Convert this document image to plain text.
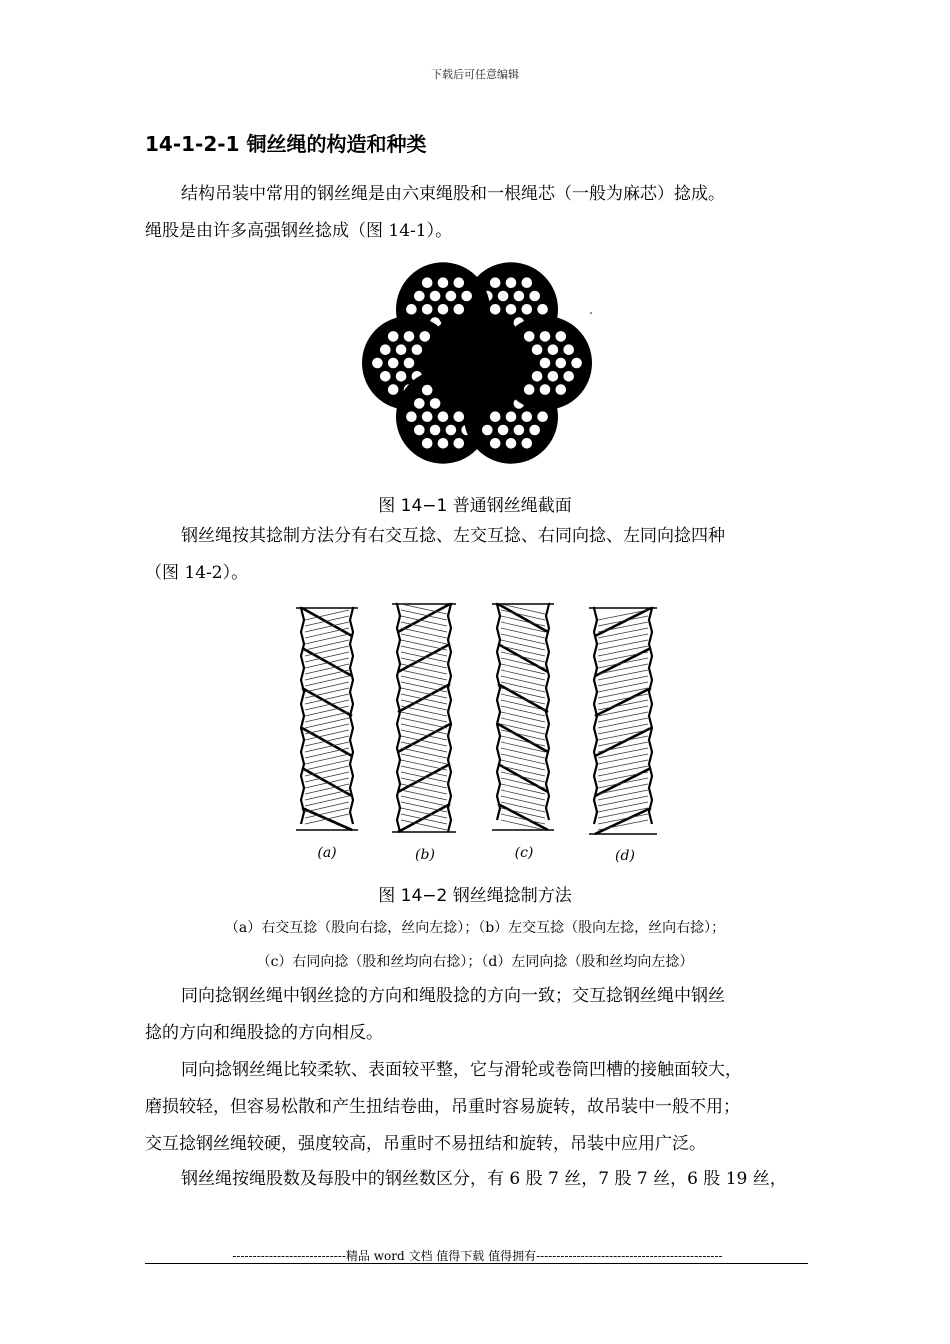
下载后可任意编辑
14-1-2-1 铜丝绳的构造和种类
结构吊装中常用的钢丝绳是由六束绳股和一根绳芯（一般为麻芯）捻成。
绳股是由许多高强钢丝捻成（图 14-1）。
图 14−1 普通钢丝绳截面
钢丝绳按其捻制方法分有右交互捻、左交互捻、右同向捻、左同向捻四种
（图 14-2）。
(a)	(b)	(c)	(d)
图 14−2 钢丝绳捻制方法
（a）右交互捻（股向右捻，丝向左捻）；（b）左交互捻（股向左捻，丝向右捻）；
（c）右同向捻（股和丝均向右捻）；（d）左同向捻（股和丝均向左捻）
同向捻钢丝绳中钢丝捻的方向和绳股捻的方向一致；交互捻钢丝绳中钢丝
捻的方向和绳股捻的方向相反。
同向捻钢丝绳比较柔软、表面较平整，它与滑轮或卷筒凹槽的接触面较大，
磨损较轻，但容易松散和产生扭结卷曲，吊重时容易旋转，故吊装中一般不用；
交互捻钢丝绳较硬，强度较高，吊重时不易扭结和旋转，吊装中应用广泛。
钢丝绳按绳股数及每股中的钢丝数区分，有 6 股 7 丝，7 股 7 丝，6 股 19 丝，
----------------------------精品 word 文档 值得下载 值得拥有----------------------------------------------
